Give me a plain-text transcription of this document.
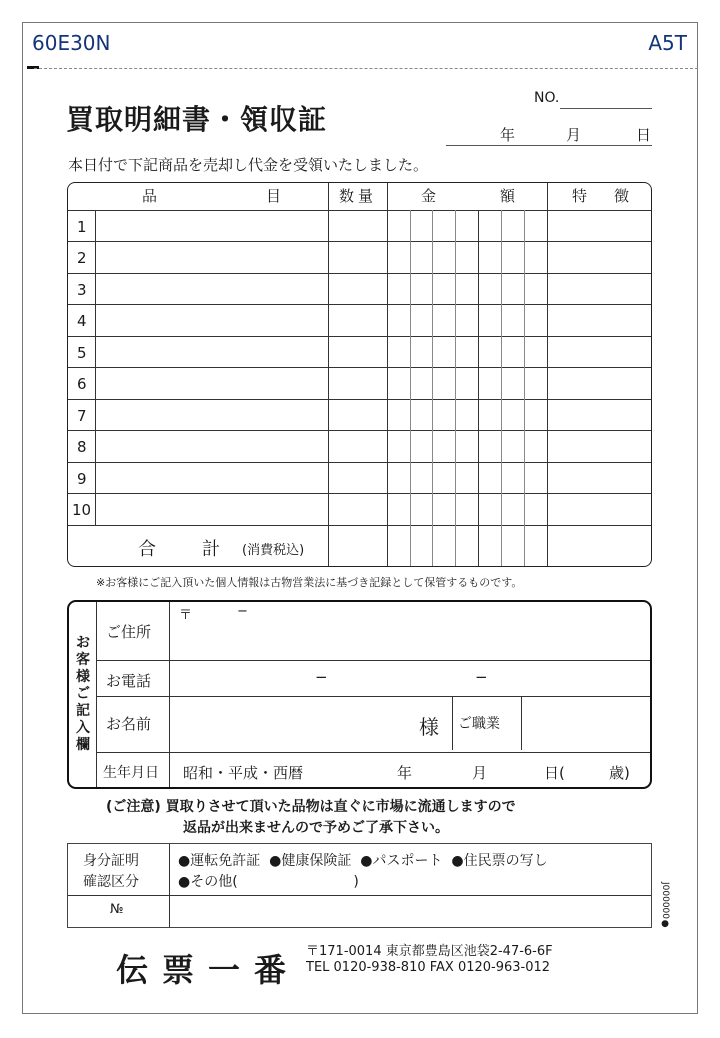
60E30N	A5T
買取明細書・領収証
NO.
年	月	日
本日付で下記商品を売却し代金を受領いたしました。
品	目	数量	金	額	特 徴
1
2
3
4
5
6
7
8
9
10
合	計 (消費税込)
※お客様にご記入頂いた個人情報は古物営業法に基づき記録として保管するものです。
お
客
様
ご
記
入
欄
ご住所
〒	−
お電話	−	−
お名前	様 ご職業
生年月日 昭和・平成・西暦	年	月	日(	歳)
(ご注意) 買取りさせて頂いた品物は直ぐに市場に流通しますので
返品が出来ませんので予めご了承下さい。
身分証明
確認区分
●運転免許証  ●健康保険証  ●パスポート  ●住民票の写し
●その他(                          )
№	J000000●
伝票一番 〒171-0014 東京都豊島区池袋2-47-6-6F
TEL 0120-938-810 FAX 0120-963-012
